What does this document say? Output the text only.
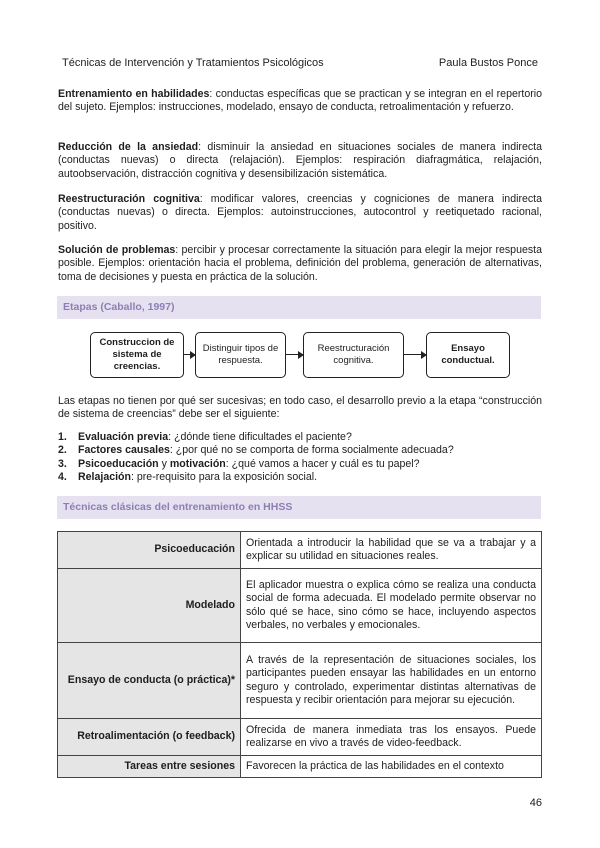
Técnicas de Intervención y Tratamientos Psicológicos	Paula Bustos Ponce

Entrenamiento en habilidades: conductas específicas que se practican y se integran en el repertorio del sujeto. Ejemplos: instrucciones, modelado, ensayo de conducta, retroalimentación y refuerzo.

Reducción de la ansiedad: disminuir la ansiedad en situaciones sociales de manera indirecta (conductas nuevas) o directa (relajación). Ejemplos: respiración diafragmática, relajación, autoobservación, distracción cognitiva y desensibilización sistemática.

Reestructuración cognitiva: modificar valores, creencias y cogniciones de manera indirecta (conductas nuevas) o directa. Ejemplos: autoinstrucciones, autocontrol y reetiquetado racional, positivo.

Solución de problemas: percibir y procesar correctamente la situación para elegir la mejor respuesta posible. Ejemplos: orientación hacia el problema, definición del problema, generación de alternativas, toma de decisiones y puesta en práctica de la solución.

Etapas (Caballo, 1997)
Construccion de sistema de creencias.
Distinguir tipos de respuesta.
Reestructuración cognitiva.
Ensayo conductual.

Las etapas no tienen por qué ser sucesivas; en todo caso, el desarrollo previo a la etapa “construcción de sistema de creencias” debe ser el siguiente:

1. Evaluación previa: ¿dónde tiene dificultades el paciente?
2. Factores causales: ¿por qué no se comporta de forma socialmente adecuada?
3. Psicoeducación y motivación: ¿qué vamos a hacer y cuál es tu papel?
4. Relajación: pre-requisito para la exposición social.
Técnicas clásicas del entrenamiento en HHSS
Psicoeducación	Orientada a introducir la habilidad que se va a trabajar y a explicar su utilidad en situaciones reales.
Modelado	El aplicador muestra o explica cómo se realiza una conducta social de forma adecuada. El modelado permite observar no sólo qué se hace, sino cómo se hace, incluyendo aspectos verbales, no verbales y emocionales.
Ensayo de conducta (o práctica)*	A través de la representación de situaciones sociales, los participantes pueden ensayar las habilidades en un entorno seguro y controlado, experimentar distintas alternativas de respuesta y recibir orientación para mejorar su ejecución.
Retroalimentación (o feedback)	Ofrecida de manera inmediata tras los ensayos. Puede realizarse en vivo a través de video-feedback.
Tareas entre sesiones	Favorecen la práctica de las habilidades en el contexto
46
